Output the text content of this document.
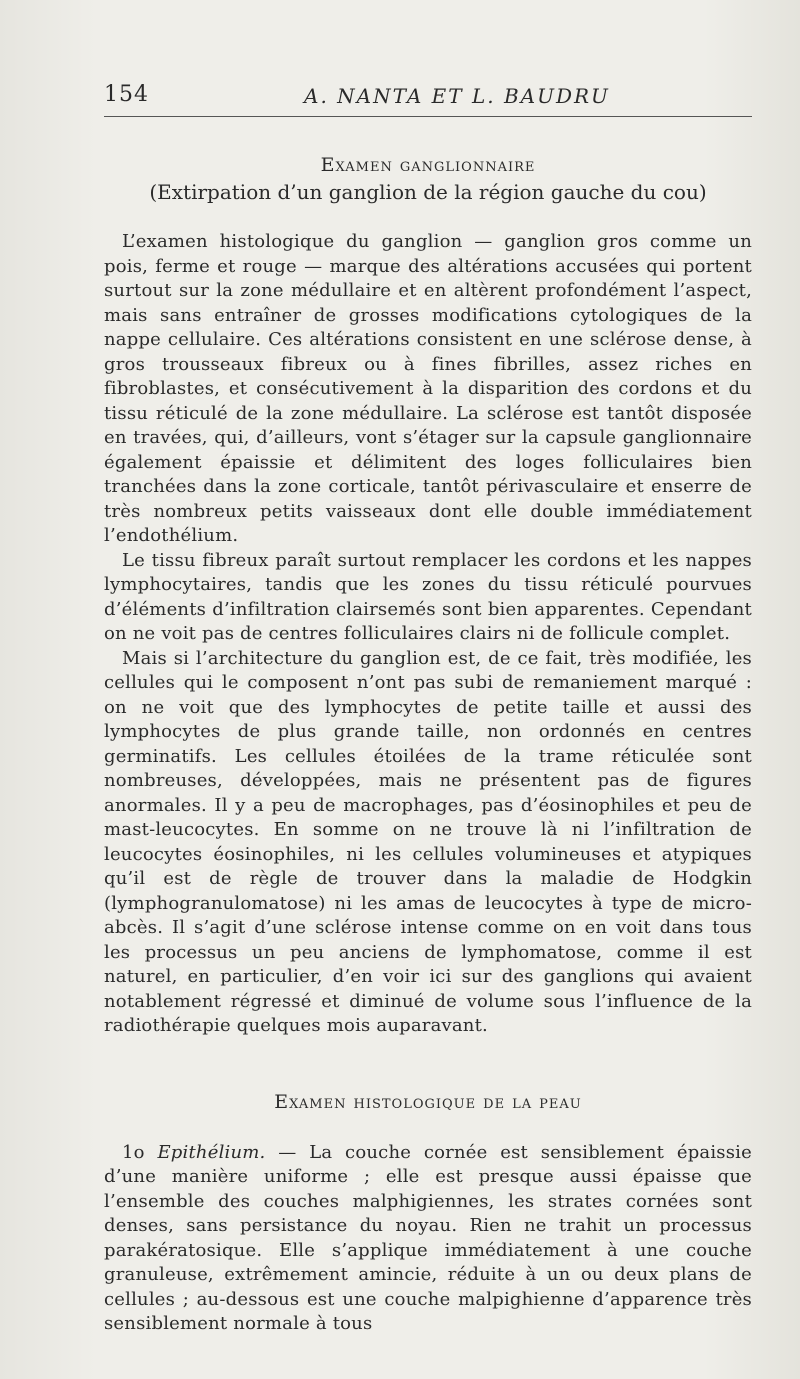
154	A. NANTA ET L. BAUDRU
Examen ganglionnaire

(Extirpation d’un ganglion de la région gauche du cou)

L’examen histologique du ganglion — ganglion gros comme un pois, ferme et rouge — marque des altérations accusées qui portent surtout sur la zone médullaire et en altèrent profondément l’aspect, mais sans entraîner de grosses modifications cytologiques de la nappe cellulaire. Ces altérations consistent en une sclérose dense, à gros trousseaux fibreux ou à fines fibrilles, assez riches en fibroblastes, et consécutivement à la disparition des cordons et du tissu réticulé de la zone médullaire. La sclérose est tantôt disposée en travées, qui, d’ailleurs, vont s’étager sur la capsule ganglionnaire également épaissie et délimitent des loges folliculaires bien tranchées dans la zone corticale, tantôt périvasculaire et enserre de très nombreux petits vaisseaux dont elle double immédiatement l’endothélium.

Le tissu fibreux paraît surtout remplacer les cordons et les nappes lymphocytaires, tandis que les zones du tissu réticulé pourvues d’éléments d’infiltration clairsemés sont bien apparentes. Cependant on ne voit pas de centres folliculaires clairs ni de follicule complet.

Mais si l’architecture du ganglion est, de ce fait, très modifiée, les cellules qui le composent n’ont pas subi de remaniement marqué : on ne voit que des lymphocytes de petite taille et aussi des lymphocytes de plus grande taille, non ordonnés en centres germinatifs. Les cellules étoilées de la trame réticulée sont nombreuses, développées, mais ne présentent pas de figures anormales. Il y a peu de macrophages, pas d’éosinophiles et peu de mast-leucocytes. En somme on ne trouve là ni l’infiltration de leucocytes éosinophiles, ni les cellules volumineuses et atypiques qu’il est de règle de trouver dans la maladie de Hodgkin (lymphogranulomatose) ni les amas de leucocytes à type de micro-abcès. Il s’agit d’une sclérose intense comme on en voit dans tous les processus un peu anciens de lymphomatose, comme il est naturel, en particulier, d’en voir ici sur des ganglions qui avaient notablement régressé et diminué de volume sous l’influence de la radiothérapie quelques mois auparavant.

Examen histologique de la peau

1o Epithélium. — La couche cornée est sensiblement épaissie d’une manière uniforme ; elle est presque aussi épaisse que l’ensemble des couches malphigiennes, les strates cornées sont denses, sans persistance du noyau. Rien ne trahit un processus parakératosique. Elle s’applique immédiatement à une couche granuleuse, extrêmement amincie, réduite à un ou deux plans de cellules ; au-dessous est une couche malpighienne d’apparence très sensiblement normale à tous
